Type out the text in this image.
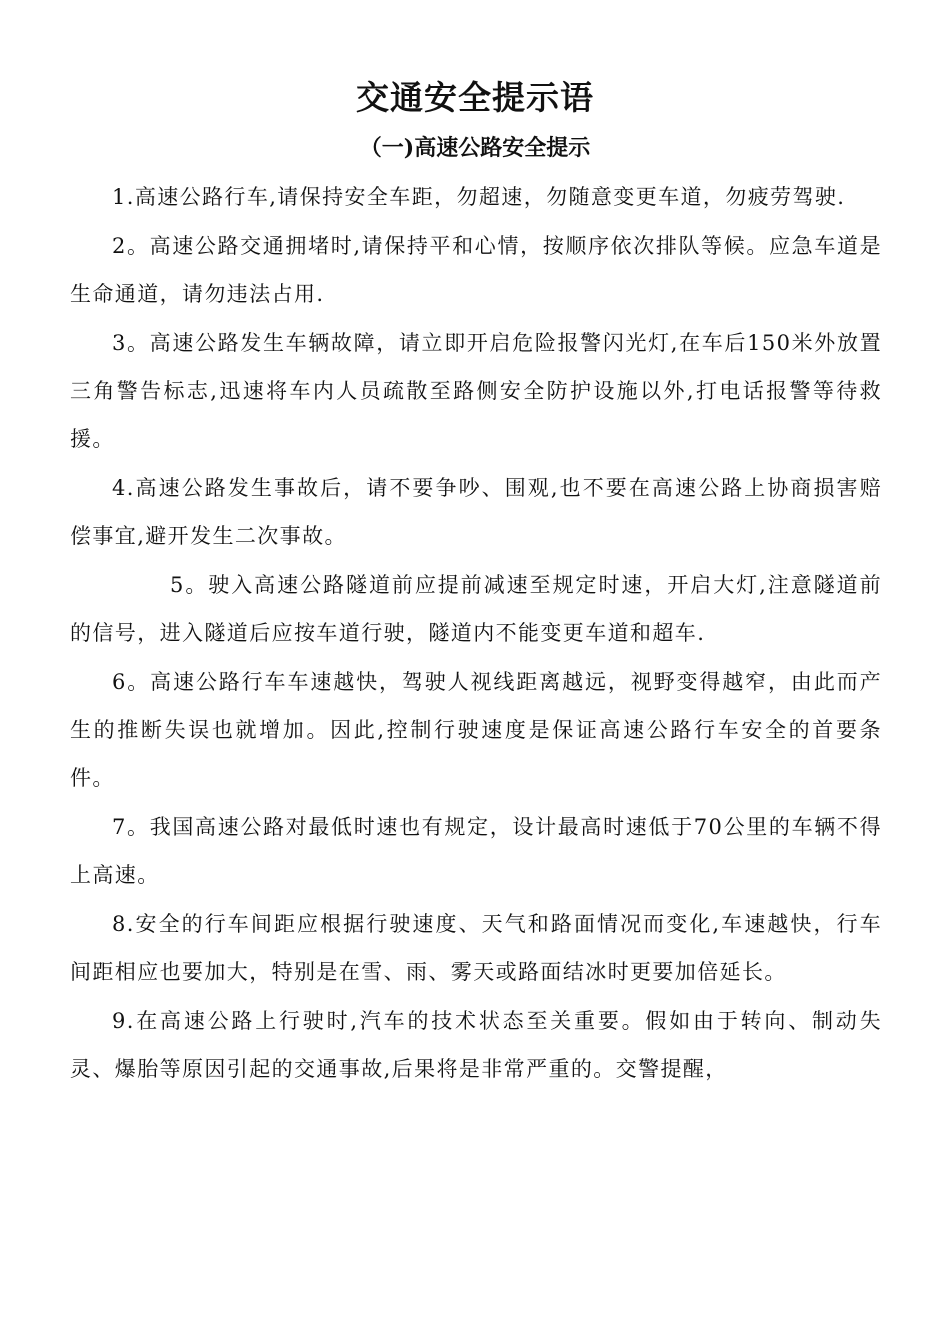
交通安全提示语
（一)高速公路安全提示

1.高速公路行车,请保持安全车距，勿超速，勿随意变更车道，勿疲劳驾驶.

2。高速公路交通拥堵时,请保持平和心情，按顺序依次排队等候。应急车道是生命通道，请勿违法占用.

3。高速公路发生车辆故障，请立即开启危险报警闪光灯,在车后150米外放置三角警告标志,迅速将车内人员疏散至路侧安全防护设施以外,打电话报警等待救援。

4.高速公路发生事故后，请不要争吵、围观,也不要在高速公路上协商损害赔偿事宜,避开发生二次事故。

5。驶入高速公路隧道前应提前减速至规定时速，开启大灯,注意隧道前的信号，进入隧道后应按车道行驶，隧道内不能变更车道和超车.

6。高速公路行车车速越快，驾驶人视线距离越远，视野变得越窄，由此而产生的推断失误也就增加。因此,控制行驶速度是保证高速公路行车安全的首要条件。

7。我国高速公路对最低时速也有规定，设计最高时速低于70公里的车辆不得上高速。

8.安全的行车间距应根据行驶速度、天气和路面情况而变化,车速越快，行车间距相应也要加大，特别是在雪、雨、雾天或路面结冰时更要加倍延长。

9.在高速公路上行驶时,汽车的技术状态至关重要。假如由于转向、制动失灵、爆胎等原因引起的交通事故,后果将是非常严重的。交警提醒，
